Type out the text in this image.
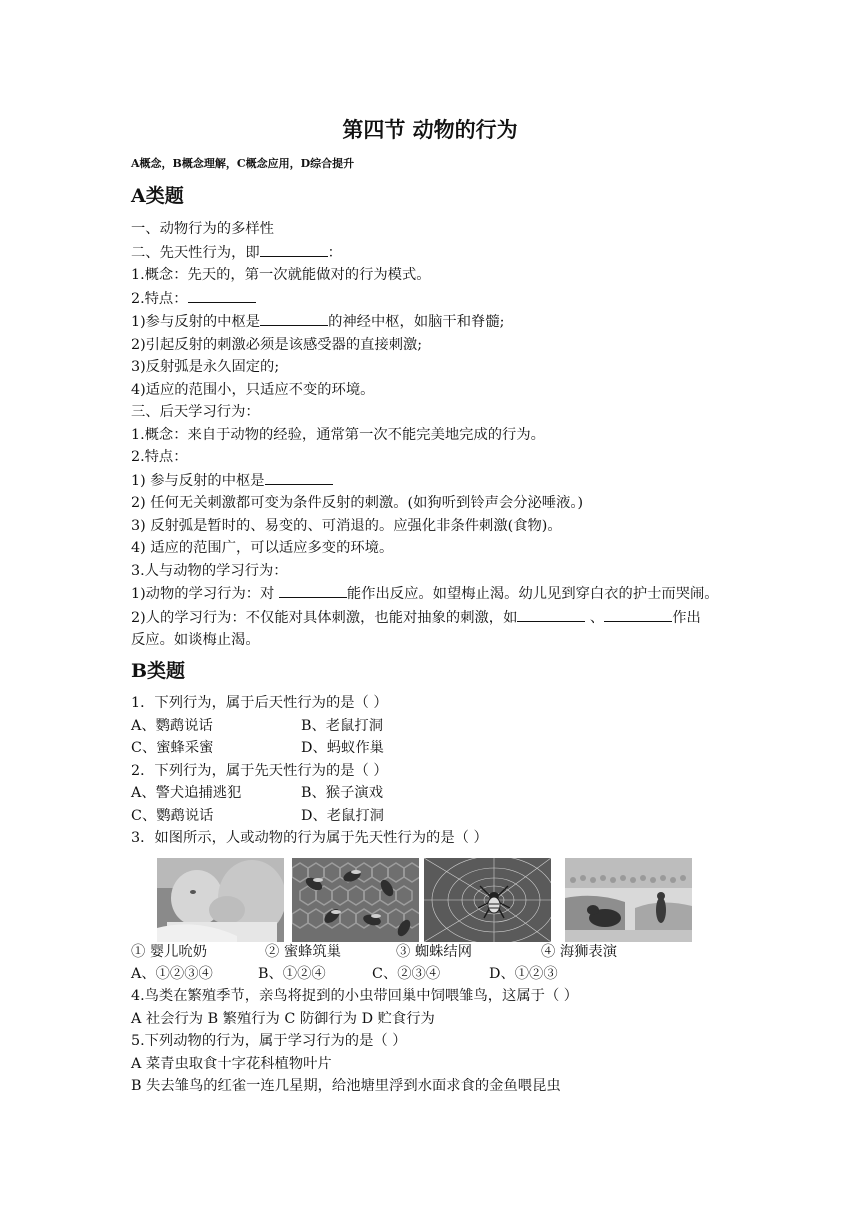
第四节 动物的行为
A概念，B概念理解，C概念应用，D综合提升
A类题
一、动物行为的多样性
二、先天性行为，即	：
1.概念：先天的，第一次就能做对的行为模式。
2.特点：
1)参与反射的中枢是	的神经中枢，如脑干和脊髓;
2)引起反射的刺激必须是该感受器的直接刺激;
3)反射弧是永久固定的;
4)适应的范围小，只适应不变的环境。
三、后天学习行为：
1.概念：来自于动物的经验，通常第一次不能完美地完成的行为。
2.特点：
1) 参与反射的中枢是
2) 任何无关刺激都可变为条件反射的刺激。(如狗听到铃声会分泌唾液。)
3) 反射弧是暂时的、易变的、可消退的。应强化非条件刺激(食物)。
4) 适应的范围广，可以适应多变的环境。
3.人与动物的学习行为：
1)动物的学习行为：对	能作出反应。如望梅止渴。幼儿见到穿白衣的护士而哭闹。
2)人的学习行为：不仅能对具体刺激，也能对抽象的刺激，如	、	作出
反应。如谈梅止渴。
B类题
1．下列行为，属于后天性行为的是（ ）
A、鹦鹉说话	B、老鼠打洞
C、蜜蜂采蜜	D、蚂蚁作巢
2．下列行为，属于先天性行为的是（ ）
A、警犬追捕逃犯	B、猴子演戏
C、鹦鹉说话	D、老鼠打洞
3．如图所示，人或动物的行为属于先天性行为的是（ ）
① 婴儿吮奶	② 蜜蜂筑巢	③ 蜘蛛结网	④ 海狮表演
A、①②③④	B、①②④	C、②③④	D、①②③
4.鸟类在繁殖季节，亲鸟将捉到的小虫带回巢中饲喂雏鸟，这属于（ ）
A 社会行为 B 繁殖行为 C 防御行为 D 贮食行为
5.下列动物的行为，属于学习行为的是（ ）
A 菜青虫取食十字花科植物叶片
B 失去雏鸟的红雀一连几星期，给池塘里浮到水面求食的金鱼喂昆虫
